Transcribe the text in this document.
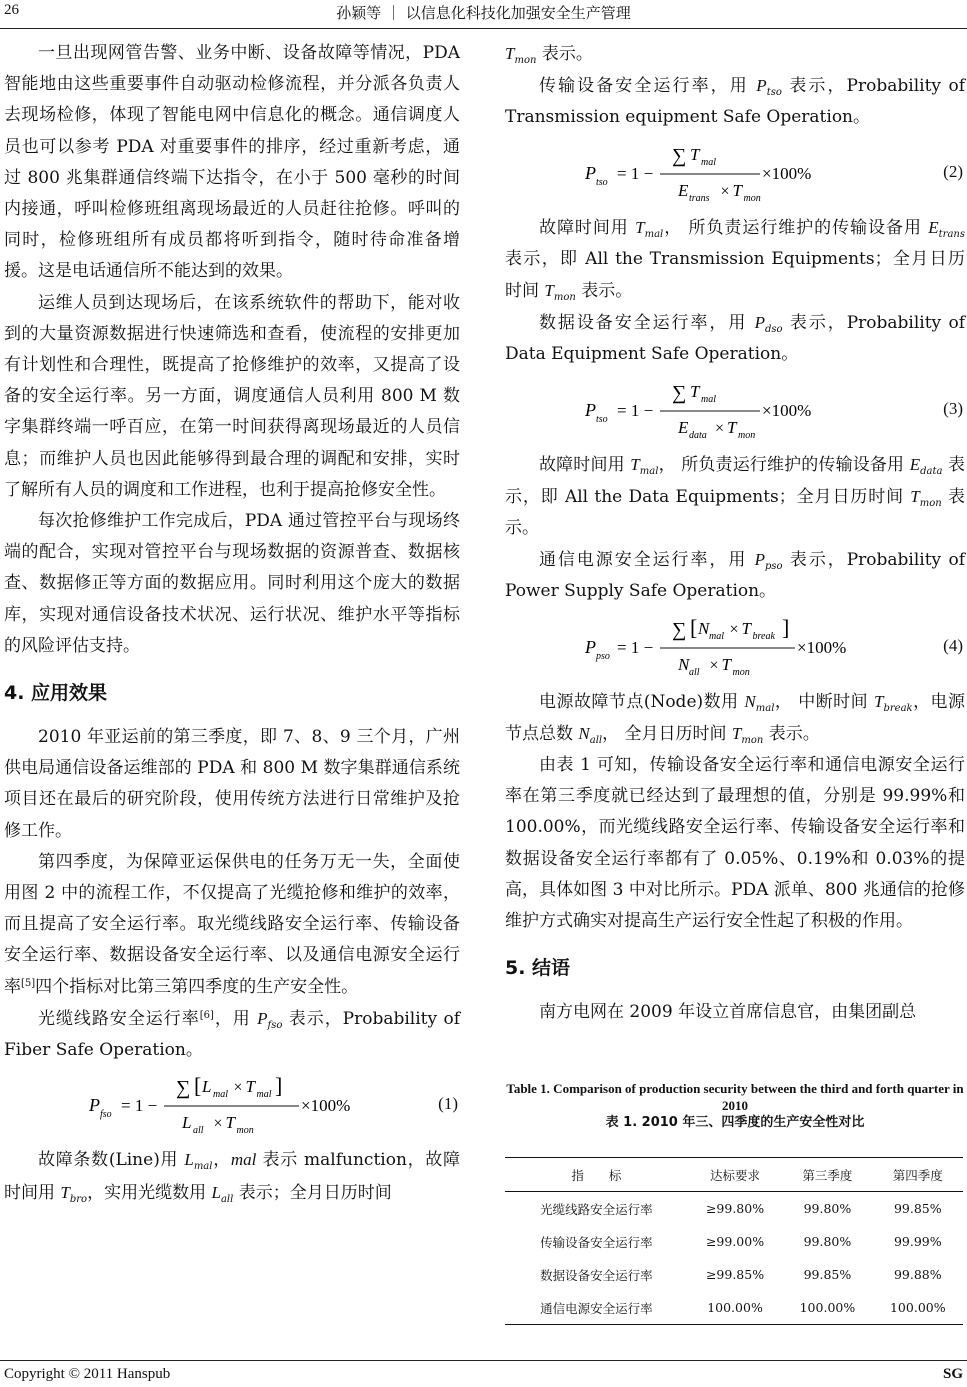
26	孙颖等 ｜ 以信息化科技化加强安全生产管理

一旦出现网管告警、业务中断、设备故障等情况，PDA 智能地由这些重要事件自动驱动检修流程，并分派各负责人去现场检修，体现了智能电网中信息化的概念。通信调度人员也可以参考 PDA 对重要事件的排序，经过重新考虑，通过 800 兆集群通信终端下达指令，在小于 500 毫秒的时间内接通，呼叫检修班组离现场最近的人员赶往抢修。呼叫的同时，检修班组所有成员都将听到指令，随时待命准备增援。这是电话通信所不能达到的效果。

运维人员到达现场后，在该系统软件的帮助下，能对收到的大量资源数据进行快速筛选和查看，使流程的安排更加有计划性和合理性，既提高了抢修维护的效率，又提高了设备的安全运行率。另一方面，调度通信人员利用 800 M 数字集群终端一呼百应，在第一时间获得离现场最近的人员信息；而维护人员也因此能够得到最合理的调配和安排，实时了解所有人员的调度和工作进程，也利于提高抢修安全性。

每次抢修维护工作完成后，PDA 通过管控平台与现场终端的配合，实现对管控平台与现场数据的资源普查、数据核查、数据修正等方面的数据应用。同时利用这个庞大的数据库，实现对通信设备技术状况、运行状况、维护水平等指标的风险评估支持。

4. 应用效果

2010 年亚运前的第三季度，即 7、8、9 三个月，广州供电局通信设备运维部的 PDA 和 800 M 数字集群通信系统项目还在最后的研究阶段，使用传统方法进行日常维护及抢修工作。

第四季度，为保障亚运保供电的任务万无一失，全面使用图 2 中的流程工作，不仅提高了光缆抢修和维护的效率，而且提高了安全运行率。取光缆线路安全运行率、传输设备安全运行率、数据设备安全运行率、以及通信电源安全运行率[5]四个指标对比第三第四季度的生产安全性。

光缆线路安全运行率[6]，用 $P_{fso}$ 表示，Probability of Fiber Safe Operation。

P fso = 1 −
∑ [ L mal × T mal ]
L all × T mon
×100%	(1)

故障条数(Line)用 $L_{mal}$，mal 表示 malfunction，故障时间用 $T_{bro}$，实用光缆数用 $L_{all}$ 表示；全月日历时间

$T_{mon}$ 表示。

传输设备安全运行率，用 $P_{tso}$ 表示，Probability of Transmission equipment Safe Operation。

P tso = 1 −
∑ T mal
E trans × T mon
×100%	(2)

故障时间用 $T_{mal}$， 所负责运行维护的传输设备用 $E_{trans}$ 表示，即 All the Transmission Equipments；全月日历时间 $T_{mon}$ 表示。

数据设备安全运行率，用 $P_{dso}$ 表示，Probability of Data Equipment Safe Operation。

P tso = 1 −
∑ T mal
E data × T mon
×100%	(3)

故障时间用 $T_{mal}$， 所负责运行维护的传输设备用 $E_{data}$ 表示，即 All the Data Equipments；全月日历时间 $T_{mon}$ 表示。

通信电源安全运行率，用 $P_{pso}$ 表示，Probability of Power Supply Safe Operation。

P pso = 1 −
∑ [ N mal × T break ]
N all × T mon
×100%	(4)

电源故障节点(Node)数用 $N_{mal}$， 中断时间 $T_{break}$，电源节点总数 $N_{all}$， 全月日历时间 $T_{mon}$ 表示。

由表 1 可知，传输设备安全运行率和通信电源安全运行率在第三季度就已经达到了最理想的值，分别是 99.99%和 100.00%，而光缆线路安全运行率、传输设备安全运行率和数据设备安全运行率都有了 0.05%、0.19%和 0.03%的提高，具体如图 3 中对比所示。PDA 派单、800 兆通信的抢修维护方式确实对提高生产运行安全性起了积极的作用。

5. 结语

南方电网在 2009 年设立首席信息官，由集团副总

Table 1. Comparison of production security between the third and forth quarter in 2010
表 1. 2010 年三、四季度的生产安全性对比
指　　标	达标要求	第三季度	第四季度
光缆线路安全运行率	≥99.80%	99.80%	99.85%
传输设备安全运行率	≥99.00%	99.80%	99.99%
数据设备安全运行率	≥99.85%	99.85%	99.88%
通信电源安全运行率	100.00%	100.00%	100.00%
Copyright © 2011 Hanspub	SG
